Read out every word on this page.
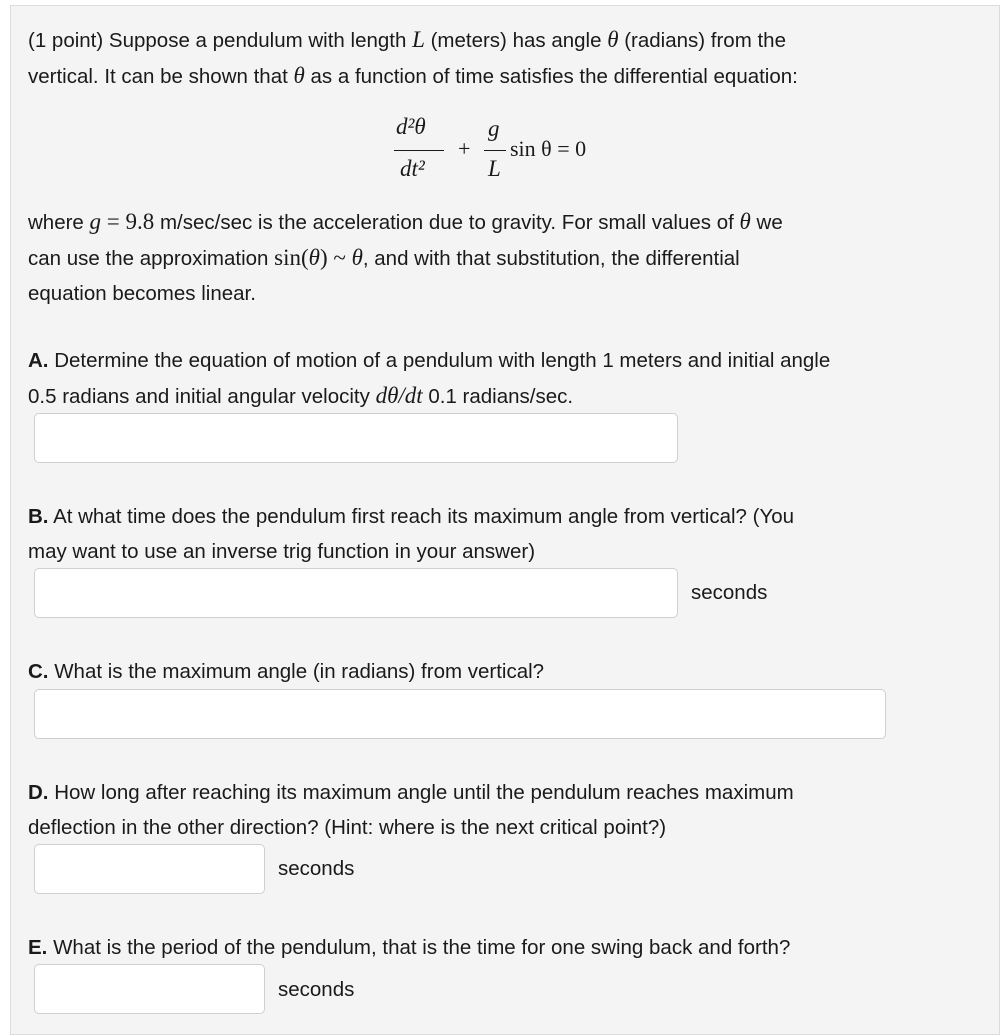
(1 point) Suppose a pendulum with length L (meters) has angle θ (radians) from the
vertical. It can be shown that θ as a function of time satisfies the differential equation:
d²θ
dt²
+
g
L
sin θ = 0
where g = 9.8 m/sec/sec is the acceleration due to gravity. For small values of θ we
can use the approximation sin(θ) ~ θ, and with that substitution, the differential
equation becomes linear.
A. Determine the equation of motion of a pendulum with length 1 meters and initial angle
0.5 radians and initial angular velocity dθ/dt 0.1 radians/sec.
B. At what time does the pendulum first reach its maximum angle from vertical? (You
may want to use an inverse trig function in your answer)
seconds
C. What is the maximum angle (in radians) from vertical?
D. How long after reaching its maximum angle until the pendulum reaches maximum
deflection in the other direction? (Hint: where is the next critical point?)
seconds
E. What is the period of the pendulum, that is the time for one swing back and forth?
seconds
